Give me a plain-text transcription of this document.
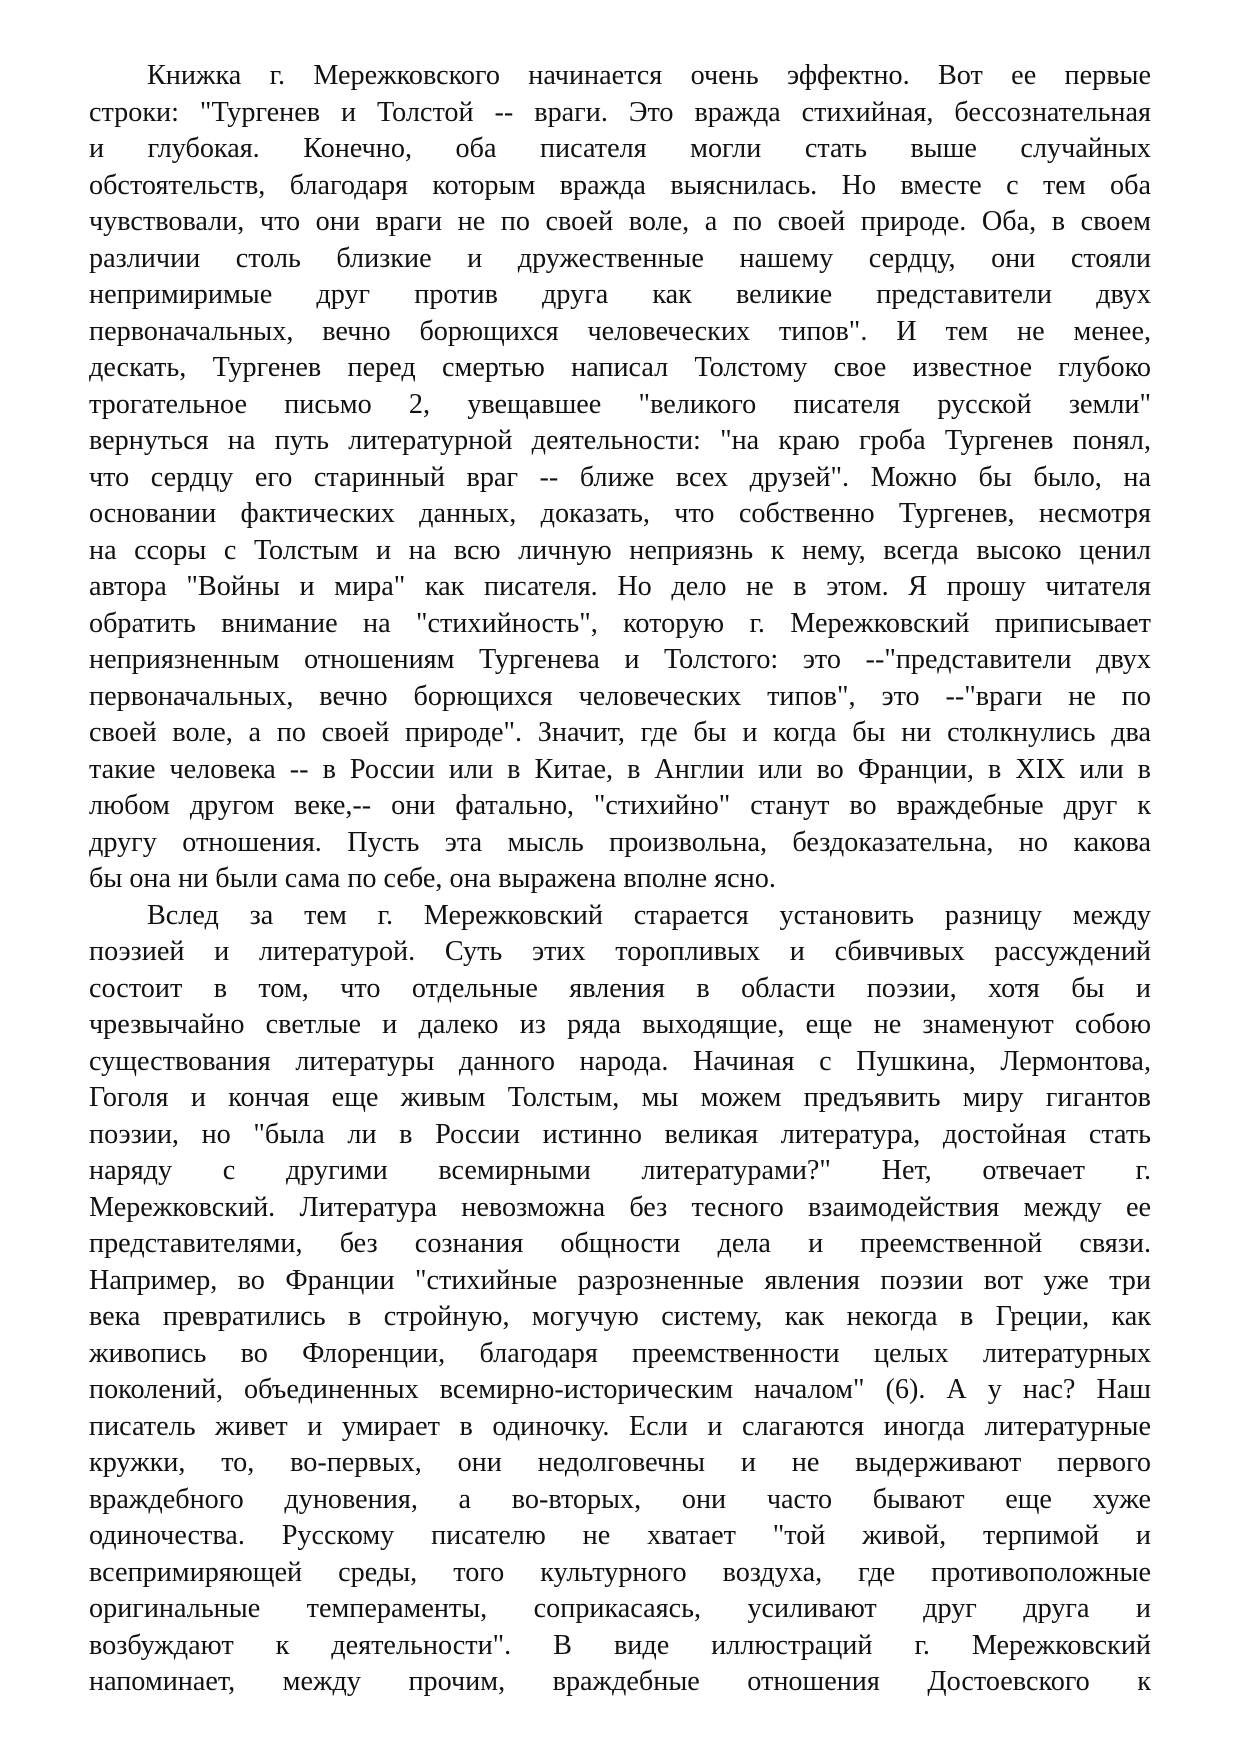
Книжка г. Мережковского начинается очень эффектно. Вот ее первые
строки: "Тургенев и Толстой -- враги. Это вражда стихийная, бессознательная
и глубокая. Конечно, оба писателя могли стать выше случайных
обстоятельств, благодаря которым вражда выяснилась. Но вместе с тем оба
чувствовали, что они враги не по своей воле, а по своей природе. Оба, в своем
различии столь близкие и дружественные нашему сердцу, они стояли
непримиримые друг против друга как великие представители двух
первоначальных, вечно борющихся человеческих типов". И тем не менее,
дескать, Тургенев перед смертью написал Толстому свое известное глубоко
трогательное письмо 2, увещавшее "великого писателя русской земли"
вернуться на путь литературной деятельности: "на краю гроба Тургенев понял,
что сердцу его старинный враг -- ближе всех друзей". Можно бы было, на
основании фактических данных, доказать, что собственно Тургенев, несмотря
на ссоры с Толстым и на всю личную неприязнь к нему, всегда высоко ценил
автора "Войны и мира" как писателя. Но дело не в этом. Я прошу читателя
обратить внимание на "стихийность", которую г. Мережковский приписывает
неприязненным отношениям Тургенева и Толстого: это --"представители двух
первоначальных, вечно борющихся человеческих типов", это --"враги не по
своей воле, а по своей природе". Значит, где бы и когда бы ни столкнулись два
такие человека -- в России или в Китае, в Англии или во Франции, в XIX или в
любом другом веке,-- они фатально, "стихийно" станут во враждебные друг к
другу отношения. Пусть эта мысль произвольна, бездоказательна, но какова
бы она ни были сама по себе, она выражена вполне ясно.
Вслед за тем г. Мережковский старается установить разницу между
поэзией и литературой. Суть этих торопливых и сбивчивых рассуждений
состоит в том, что отдельные явления в области поэзии, хотя бы и
чрезвычайно светлые и далеко из ряда выходящие, еще не знаменуют собою
существования литературы данного народа. Начиная с Пушкина, Лермонтова,
Гоголя и кончая еще живым Толстым, мы можем предъявить миру гигантов
поэзии, но "была ли в России истинно великая литература, достойная стать
наряду с другими всемирными литературами?" Нет, отвечает г.
Мережковский. Литература невозможна без тесного взаимодействия между ее
представителями, без сознания общности дела и преемственной связи.
Например, во Франции "стихийные разрозненные явления поэзии вот уже три
века превратились в стройную, могучую систему, как некогда в Греции, как
живопись во Флоренции, благодаря преемственности целых литературных
поколений, объединенных всемирно-историческим началом" (6). А у нас? Наш
писатель живет и умирает в одиночку. Если и слагаются иногда литературные
кружки, то, во-первых, они недолговечны и не выдерживают первого
враждебного дуновения, а во-вторых, они часто бывают еще хуже
одиночества. Русскому писателю не хватает "той живой, терпимой и
всепримиряющей среды, того культурного воздуха, где противоположные
оригинальные темпераменты, соприкасаясь, усиливают друг друга и
возбуждают к деятельности". В виде иллюстраций г. Мережковский
напоминает, между прочим, враждебные отношения Достоевского к
